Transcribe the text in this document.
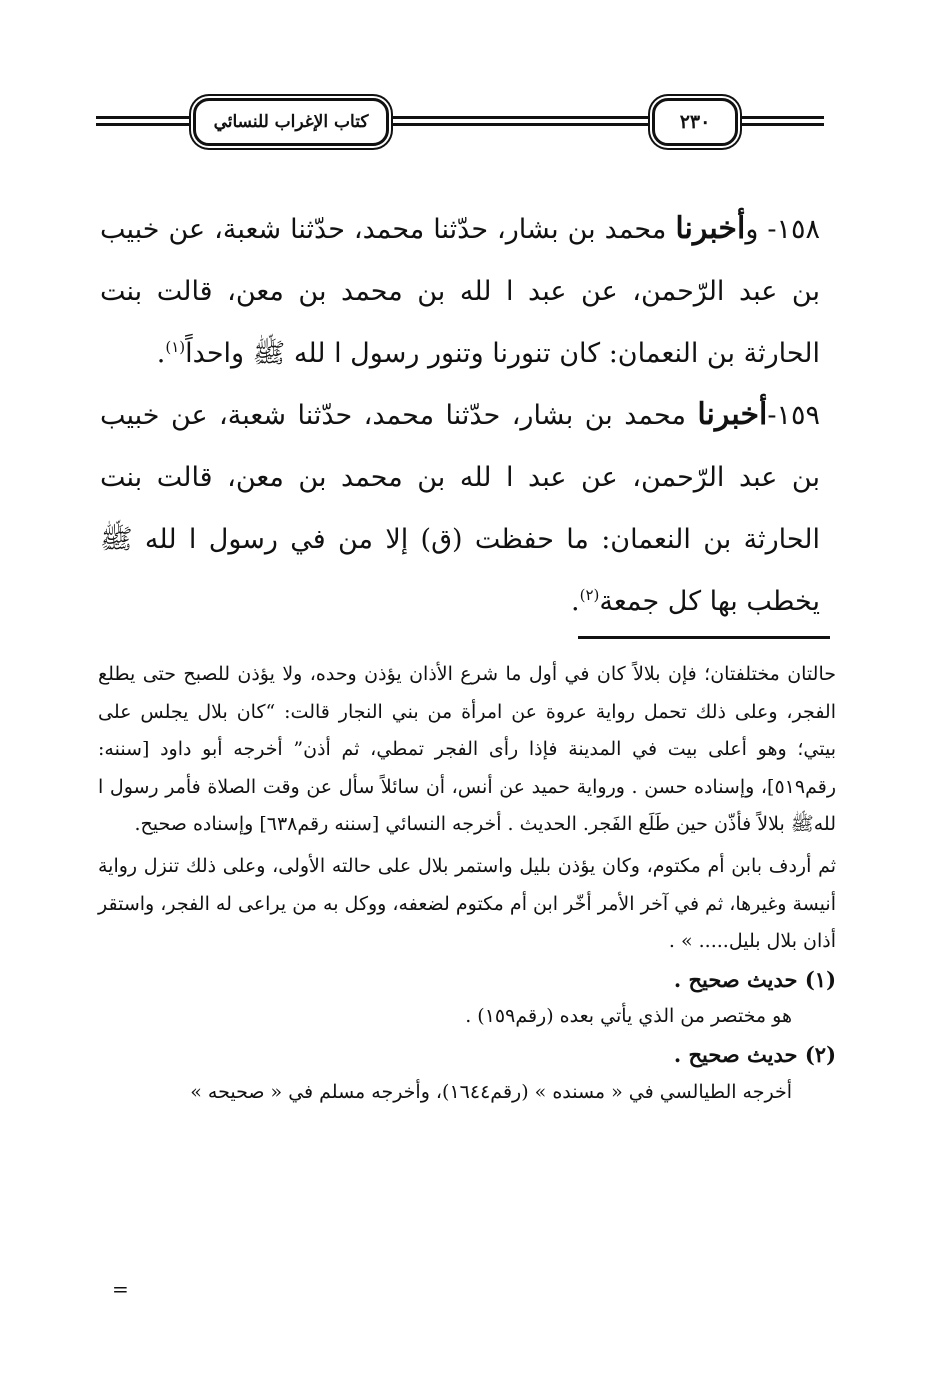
كتاب الإغراب للنسائي	٢٣٠
١٥٨- وأخبرنا محمد بن بشار، حدّثنا محمد، حدّثنا شعبة، عن خبيب بن عبد الرّحمن، عن عبد ا لله بن محمد بن معن، قالت بنت الحارثة بن النعمان: كان تنورنا وتنور رسول ا لله ﷺ واحداً$^{(١)}$.
١٥٩-أخبرنا محمد بن بشار، حدّثنا محمد، حدّثنا شعبة، عن خبيب بن عبد الرّحمن، عن عبد ا لله بن محمد بن معن، قالت بنت الحارثة بن النعمان: ما حفظت (ق) إلا من في رسول ا لله ﷺ يخطب بها كل جمعة$^{(٢)}$.

حالتان مختلفتان؛ فإن بلالاً كان في أول ما شرع الأذان يؤذن وحده، ولا يؤذن للصبح حتى يطلع الفجر، وعلى ذلك تحمل رواية عروة عن امرأة من بني النجار قالت: “كان بلال يجلس على بيتي؛ وهو أعلى بيت في المدينة فإذا رأى الفجر تمطي، ثم أذن” أخرجه أبو داود [سننه: رقم٥١٩]، وإسناده حسن . ورواية حميد عن أنس، أن سائلاً سأل عن وقت الصلاة فأمر رسول ا للهﷺ بلالاً فأذّن حين طَلَع الفَجر. الحديث . أخرجه النسائي [سننه رقم٦٣٨] وإسناده صحيح.

ثم أردف بابن أم مكتوم، وكان يؤذن بليل واستمر بلال على حالته الأولى، وعلى ذلك تنزل رواية أنيسة وغيرها، ثم في آخر الأمر أخّر ابن أم مكتوم لضعفه، ووكل به من يراعى له الفجر، واستقر أذان بلال بليل..... » .

(١) حديث صحيح .

هو مختصر من الذي يأتي بعده (رقم١٥٩) .

(٢) حديث صحيح .

أخرجه الطيالسي في « مسنده » (رقم١٦٤٤)، وأخرجه مسلم في « صحيحه »

=
